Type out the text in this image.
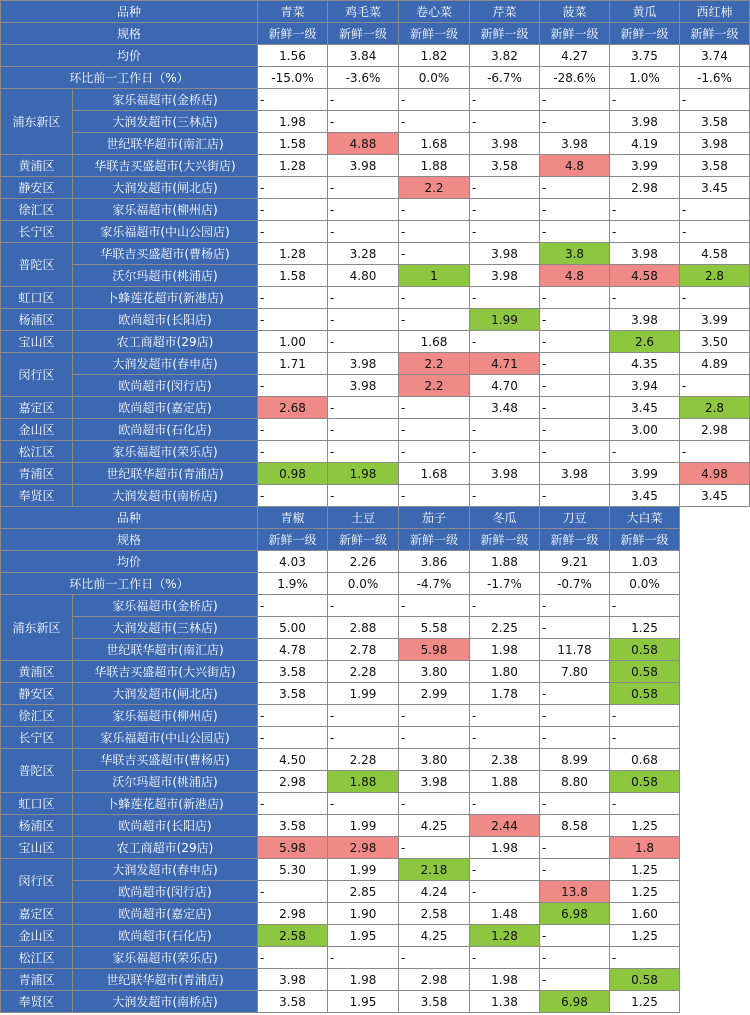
品种		青菜	鸡毛菜	卷心菜	芹菜	菠菜	黄瓜	西红柿
规格		新鲜一级	新鲜一级	新鲜一级	新鲜一级	新鲜一级	新鲜一级	新鲜一级
均价		1.56	3.84	1.82	3.82	4.27	3.75	3.74
环比前一工作日（%）		-15.0%	-3.6%	0.0%	-6.7%	-28.6%	1.0%	-1.6%
浦东新区	家乐福超市(金桥店)	-	-	-	-	-	-	-
	大润发超市(三林店)	1.98	-	-	-	-	3.98	3.58
	世纪联华超市(南汇店)	1.58	4.88	1.68	3.98	3.98	4.19	3.98
黄浦区	华联吉买盛超市(大兴街店)	1.28	3.98	1.88	3.58	4.8	3.99	3.58
静安区	大润发超市(闸北店)	-	-	2.2	-	-	2.98	3.45
徐汇区	家乐福超市(柳州店)	-	-	-	-	-	-	-
长宁区	家乐福超市(中山公园店)	-	-	-	-	-	-	-
普陀区	华联吉买盛超市(曹杨店)	1.28	3.28	-	3.98	3.8	3.98	4.58
	沃尔玛超市(桃浦店)	1.58	4.80	1	3.98	4.8	4.58	2.8
虹口区	卜蜂莲花超市(新港店)	-	-	-	-	-	-	-
杨浦区	欧尚超市(长阳店)	-	-	-	1.99	-	3.98	3.99
宝山区	农工商超市(29店)	1.00	-	1.68	-	-	2.6	3.50
闵行区	大润发超市(春申店)	1.71	3.98	2.2	4.71	-	4.35	4.89
	欧尚超市(闵行店)	-	3.98	2.2	4.70	-	3.94	-
嘉定区	欧尚超市(嘉定店)	2.68	-	-	3.48	-	3.45	2.8
金山区	欧尚超市(石化店)	-	-	-	-	-	3.00	2.98
松江区	家乐福超市(荣乐店)	-	-	-	-	-	-	-
青浦区	世纪联华超市(青浦店)	0.98	1.98	1.68	3.98	3.98	3.99	4.98
奉贤区	大润发超市(南桥店)	-	-	-	-	-	3.45	3.45
品种		青椒	土豆	茄子	冬瓜	刀豆	大白菜	
规格		新鲜一级	新鲜一级	新鲜一级	新鲜一级	新鲜一级	新鲜一级	
均价		4.03	2.26	3.86	1.88	9.21	1.03	
环比前一工作日（%）		1.9%	0.0%	-4.7%	-1.7%	-0.7%	0.0%	
浦东新区	家乐福超市(金桥店)	-	-	-	-	-	-	
	大润发超市(三林店)	5.00	2.88	5.58	2.25	-	1.25	
	世纪联华超市(南汇店)	4.78	2.78	5.98	1.98	11.78	0.58	
黄浦区	华联吉买盛超市(大兴街店)	3.58	2.28	3.80	1.80	7.80	0.58	
静安区	大润发超市(闸北店)	3.58	1.99	2.99	1.78	-	0.58	
徐汇区	家乐福超市(柳州店)	-	-	-	-	-	-	
长宁区	家乐福超市(中山公园店)	-	-	-	-	-	-	
普陀区	华联吉买盛超市(曹杨店)	4.50	2.28	3.80	2.38	8.99	0.68	
	沃尔玛超市(桃浦店)	2.98	1.88	3.98	1.88	8.80	0.58	
虹口区	卜蜂莲花超市(新港店)	-	-	-	-	-	-	
杨浦区	欧尚超市(长阳店)	3.58	1.99	4.25	2.44	8.58	1.25	
宝山区	农工商超市(29店)	5.98	2.98	-	1.98	-	1.8	
闵行区	大润发超市(春申店)	5.30	1.99	2.18	-	-	1.25	
	欧尚超市(闵行店)	-	2.85	4.24	-	13.8	1.25	
嘉定区	欧尚超市(嘉定店)	2.98	1.90	2.58	1.48	6.98	1.60	
金山区	欧尚超市(石化店)	2.58	1.95	4.25	1.28	-	1.25	
松江区	家乐福超市(荣乐店)	-	-	-	-	-	-	
青浦区	世纪联华超市(青浦店)	3.98	1.98	2.98	1.98	-	0.58	
奉贤区	大润发超市(南桥店)	3.58	1.95	3.58	1.38	6.98	1.25	
